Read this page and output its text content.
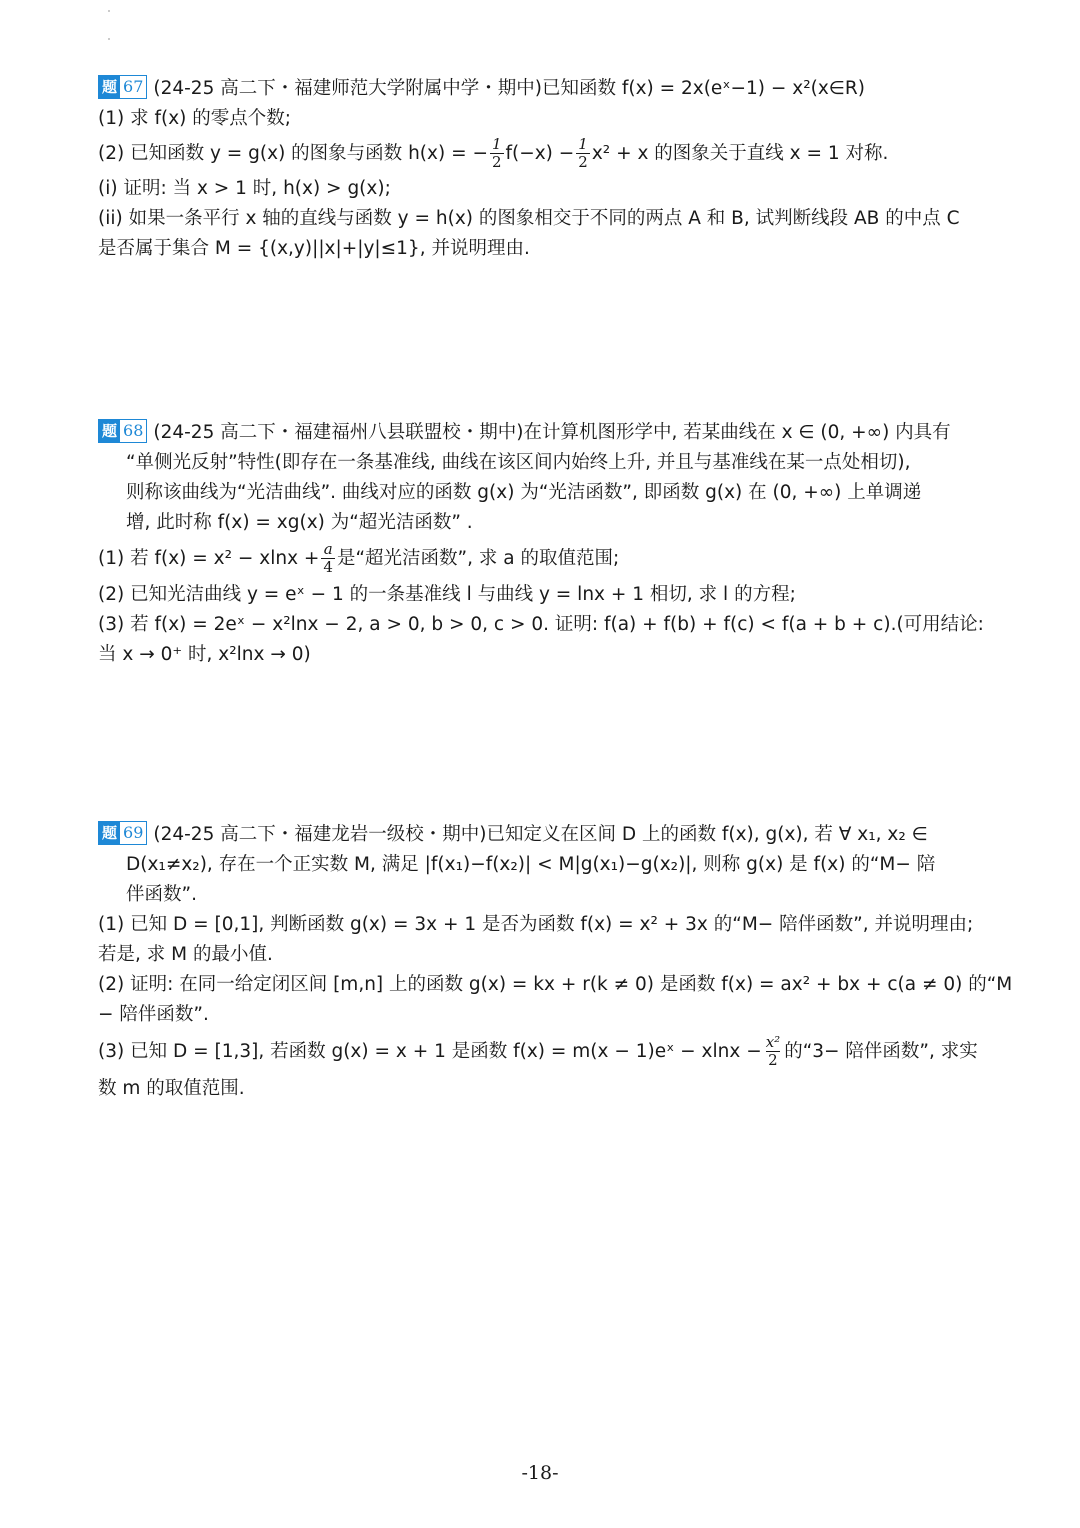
题 67 (24-25 高二下・福建师范大学附属中学・期中)已知函数 f(x) = 2x(eˣ−1) − x²(x∈R)
(1) 求 f(x) 的零点个数;
(2) 已知函数 y = g(x) 的图象与函数 h(x) = − $\frac{1}{2} f(-x) - \frac{1}{2} x^2 + x$ 的图象关于直线 x = 1 对称.
(i) 证明: 当 x > 1 时, h(x) > g(x);
(ii) 如果一条平行 x 轴的直线与函数 y = h(x) 的图象相交于不同的两点 A 和 B, 试判断线段 AB 的中点 C
是否属于集合 M = {(x,y)||x|+|y|≤1}, 并说明理由.
题 68 (24-25 高二下・福建福州八县联盟校・期中)在计算机图形学中, 若某曲线在 x ∈ (0, +∞) 内具有
“单侧光反射”特性(即存在一条基准线, 曲线在该区间内始终上升, 并且与基准线在某一点处相切),
则称该曲线为“光洁曲线”. 曲线对应的函数 g(x) 为“光洁函数”, 即函数 g(x) 在 (0, +∞) 上单调递
增, 此时称 f(x) = xg(x) 为“超光洁函数” .
(1) 若 $f(x) = x^2 - xlnx + \frac{a}{4}$ 是“超光洁函数”, 求 a 的取值范围;
(2) 已知光洁曲线 y = eˣ − 1 的一条基准线 l 与曲线 y = lnx + 1 相切, 求 l 的方程;
(3) 若 f(x) = 2eˣ − x²lnx − 2, a > 0, b > 0, c > 0. 证明: f(a) + f(b) + f(c) < f(a + b + c).(可用结论:
当 x → 0⁺ 时, x²lnx → 0)
题 69 (24-25 高二下・福建龙岩一级校・期中)已知定义在区间 D 上的函数 f(x), g(x), 若 ∀ x₁, x₂ ∈
D(x₁≠x₂), 存在一个正实数 M, 满足 |f(x₁)−f(x₂)| < M|g(x₁)−g(x₂)|, 则称 g(x) 是 f(x) 的“M− 陪
伴函数”.
(1) 已知 D = [0,1], 判断函数 g(x) = 3x + 1 是否为函数 f(x) = x² + 3x 的“M− 陪伴函数”, 并说明理由;
若是, 求 M 的最小值.
(2) 证明: 在同一给定闭区间 [m,n] 上的函数 g(x) = kx + r(k ≠ 0) 是函数 f(x) = ax² + bx + c(a ≠ 0) 的“M
− 陪伴函数”.
(3) 已知 D = [1,3], 若函数 g(x) = x + 1 是函数 f(x) = m(x − 1)eˣ − $xlnx - \frac{\text{x²}}{2}$ 的“3− 陪伴函数”, 求实
数 m 的取值范围.
-18-
